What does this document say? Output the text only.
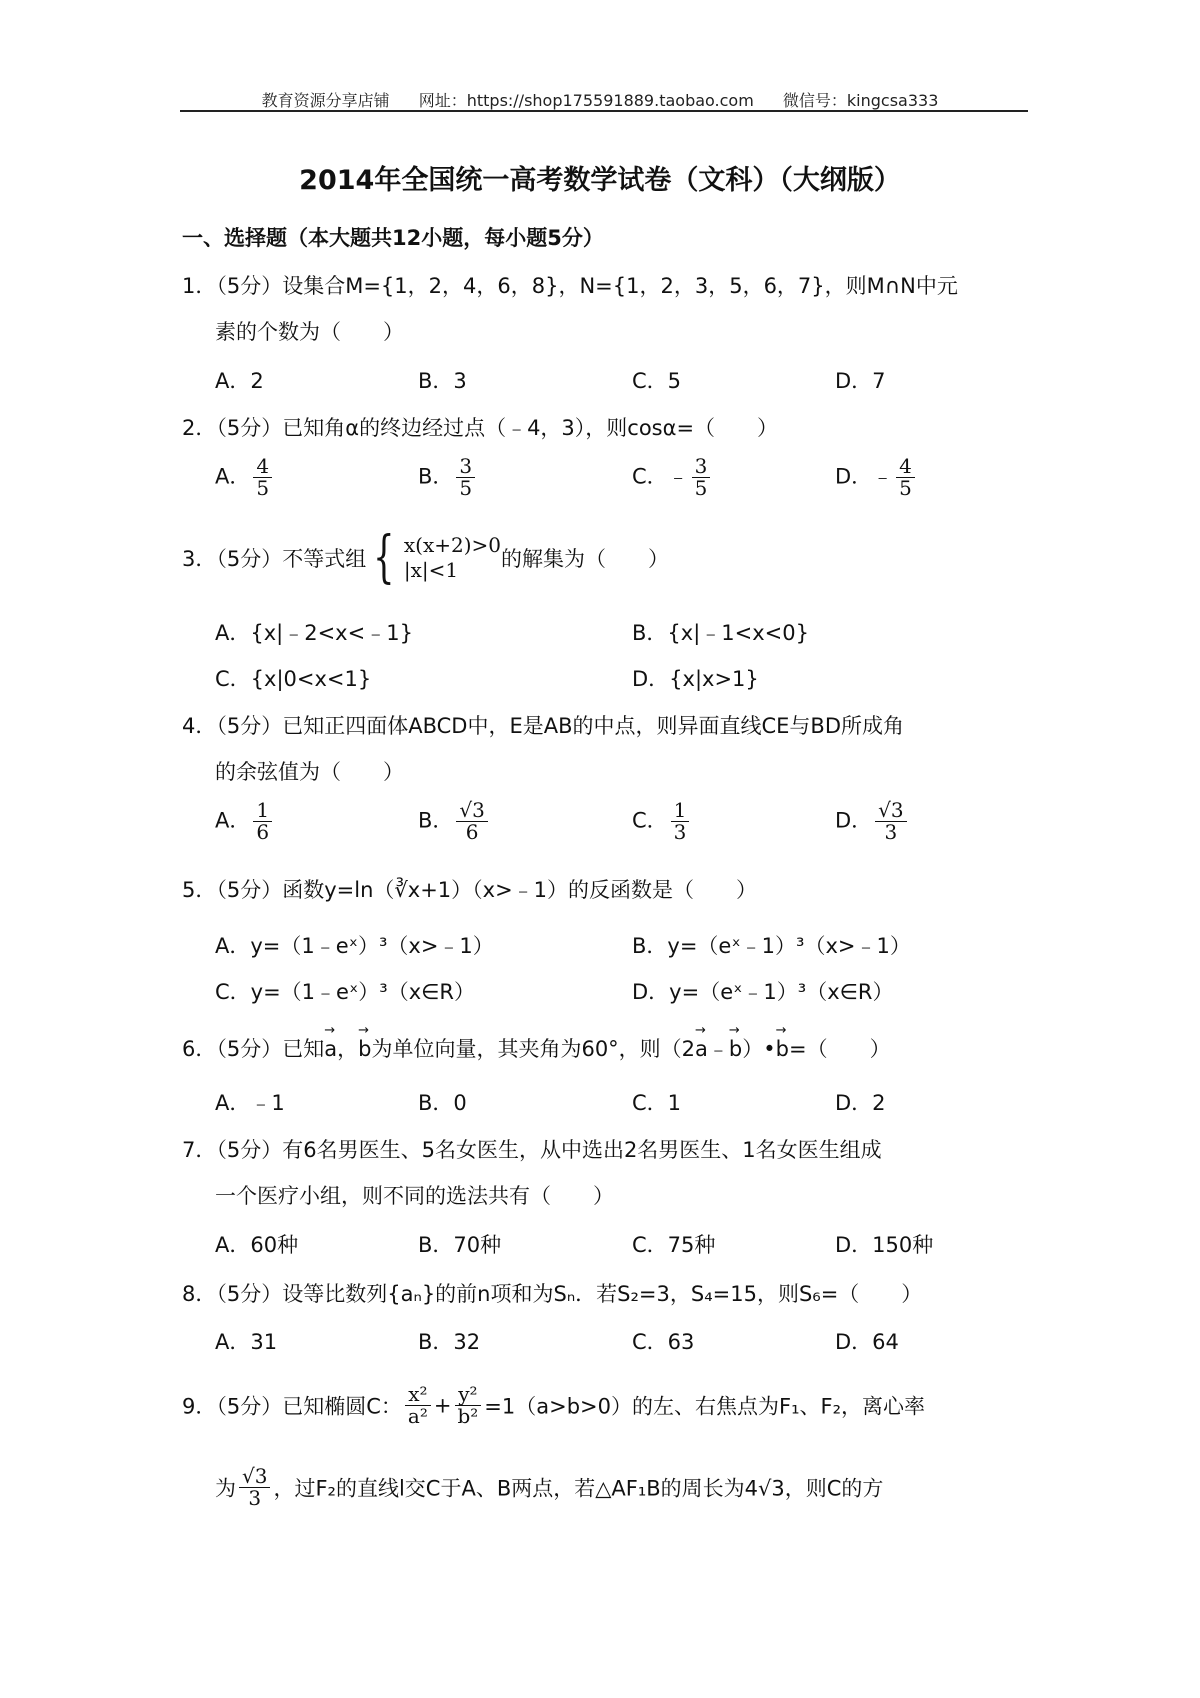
教育资源分享店铺 网址：https://shop175591889.taobao.com 微信号：kingcsa333
2014年全国统一高考数学试卷（文科）（大纲版）
一、选择题（本大题共12小题，每小题5分）
1．（5分）设集合M={1，2，4，6，8}，N={1，2，3，5，6，7}，则M∩N中元
素的个数为（　　）
A．2	B．3	C．5	D．7
2．（5分）已知角α的终边经过点（﹣4，3），则cosα=（　　）
A． $\frac{4}{5}$	B． $\frac{3}{5}$	C．﹣ $\frac{3}{5}$	D．﹣ $\frac{4}{5}$
3．（5分）不等式组 { x(x+2)>0
|x|<1	的解集为（　　）
A．{x|﹣2<x<﹣1}	B．{x|﹣1<x<0}
C．{x|0<x<1}	D．{x|x>1}
4．（5分）已知正四面体ABCD中，E是AB的中点，则异面直线CE与BD所成角
的余弦值为（　　）
A． $\frac{1}{6}$	B． $\frac{√3}{6}$	C． $\frac{1}{3}$	D． $\frac{√3}{3}$
5．（5分）函数y=ln（∛x+1）（x>﹣1）的反函数是（　　）
A．y=（1﹣eˣ）³（x>﹣1）	B．y=（eˣ﹣1）³（x>﹣1）
C．y=（1﹣eˣ）³（x∈R）	D．y=（eˣ﹣1）³（x∈R）
6．（5分）已知→ a，→ b为单位向量，其夹角为60°，则（2→ a﹣→ b）•→ b=（　　）
A．﹣1	B．0	C．1	D．2
7．（5分）有6名男医生、5名女医生，从中选出2名男医生、1名女医生组成
一个医疗小组，则不同的选法共有（　　）
A．60种	B．70种	C．75种	D．150种
8．（5分）设等比数列{aₙ}的前n项和为Sₙ．若S₂=3，S₄=15，则S₆=（　　）
A．31	B．32	C．63	D．64
9．（5分）已知椭圆C： $\frac{\text{x²}}{\text{a²}} + \frac{\text{y²}}{\text{b²}} =1(a>b>0)$的左、右焦点为F₁、F₂，离心率
为 $\frac{√3}{3}$ ，过F₂的直线l交C于A、B两点，若△AF₁B的周长为4√3，则C的方
